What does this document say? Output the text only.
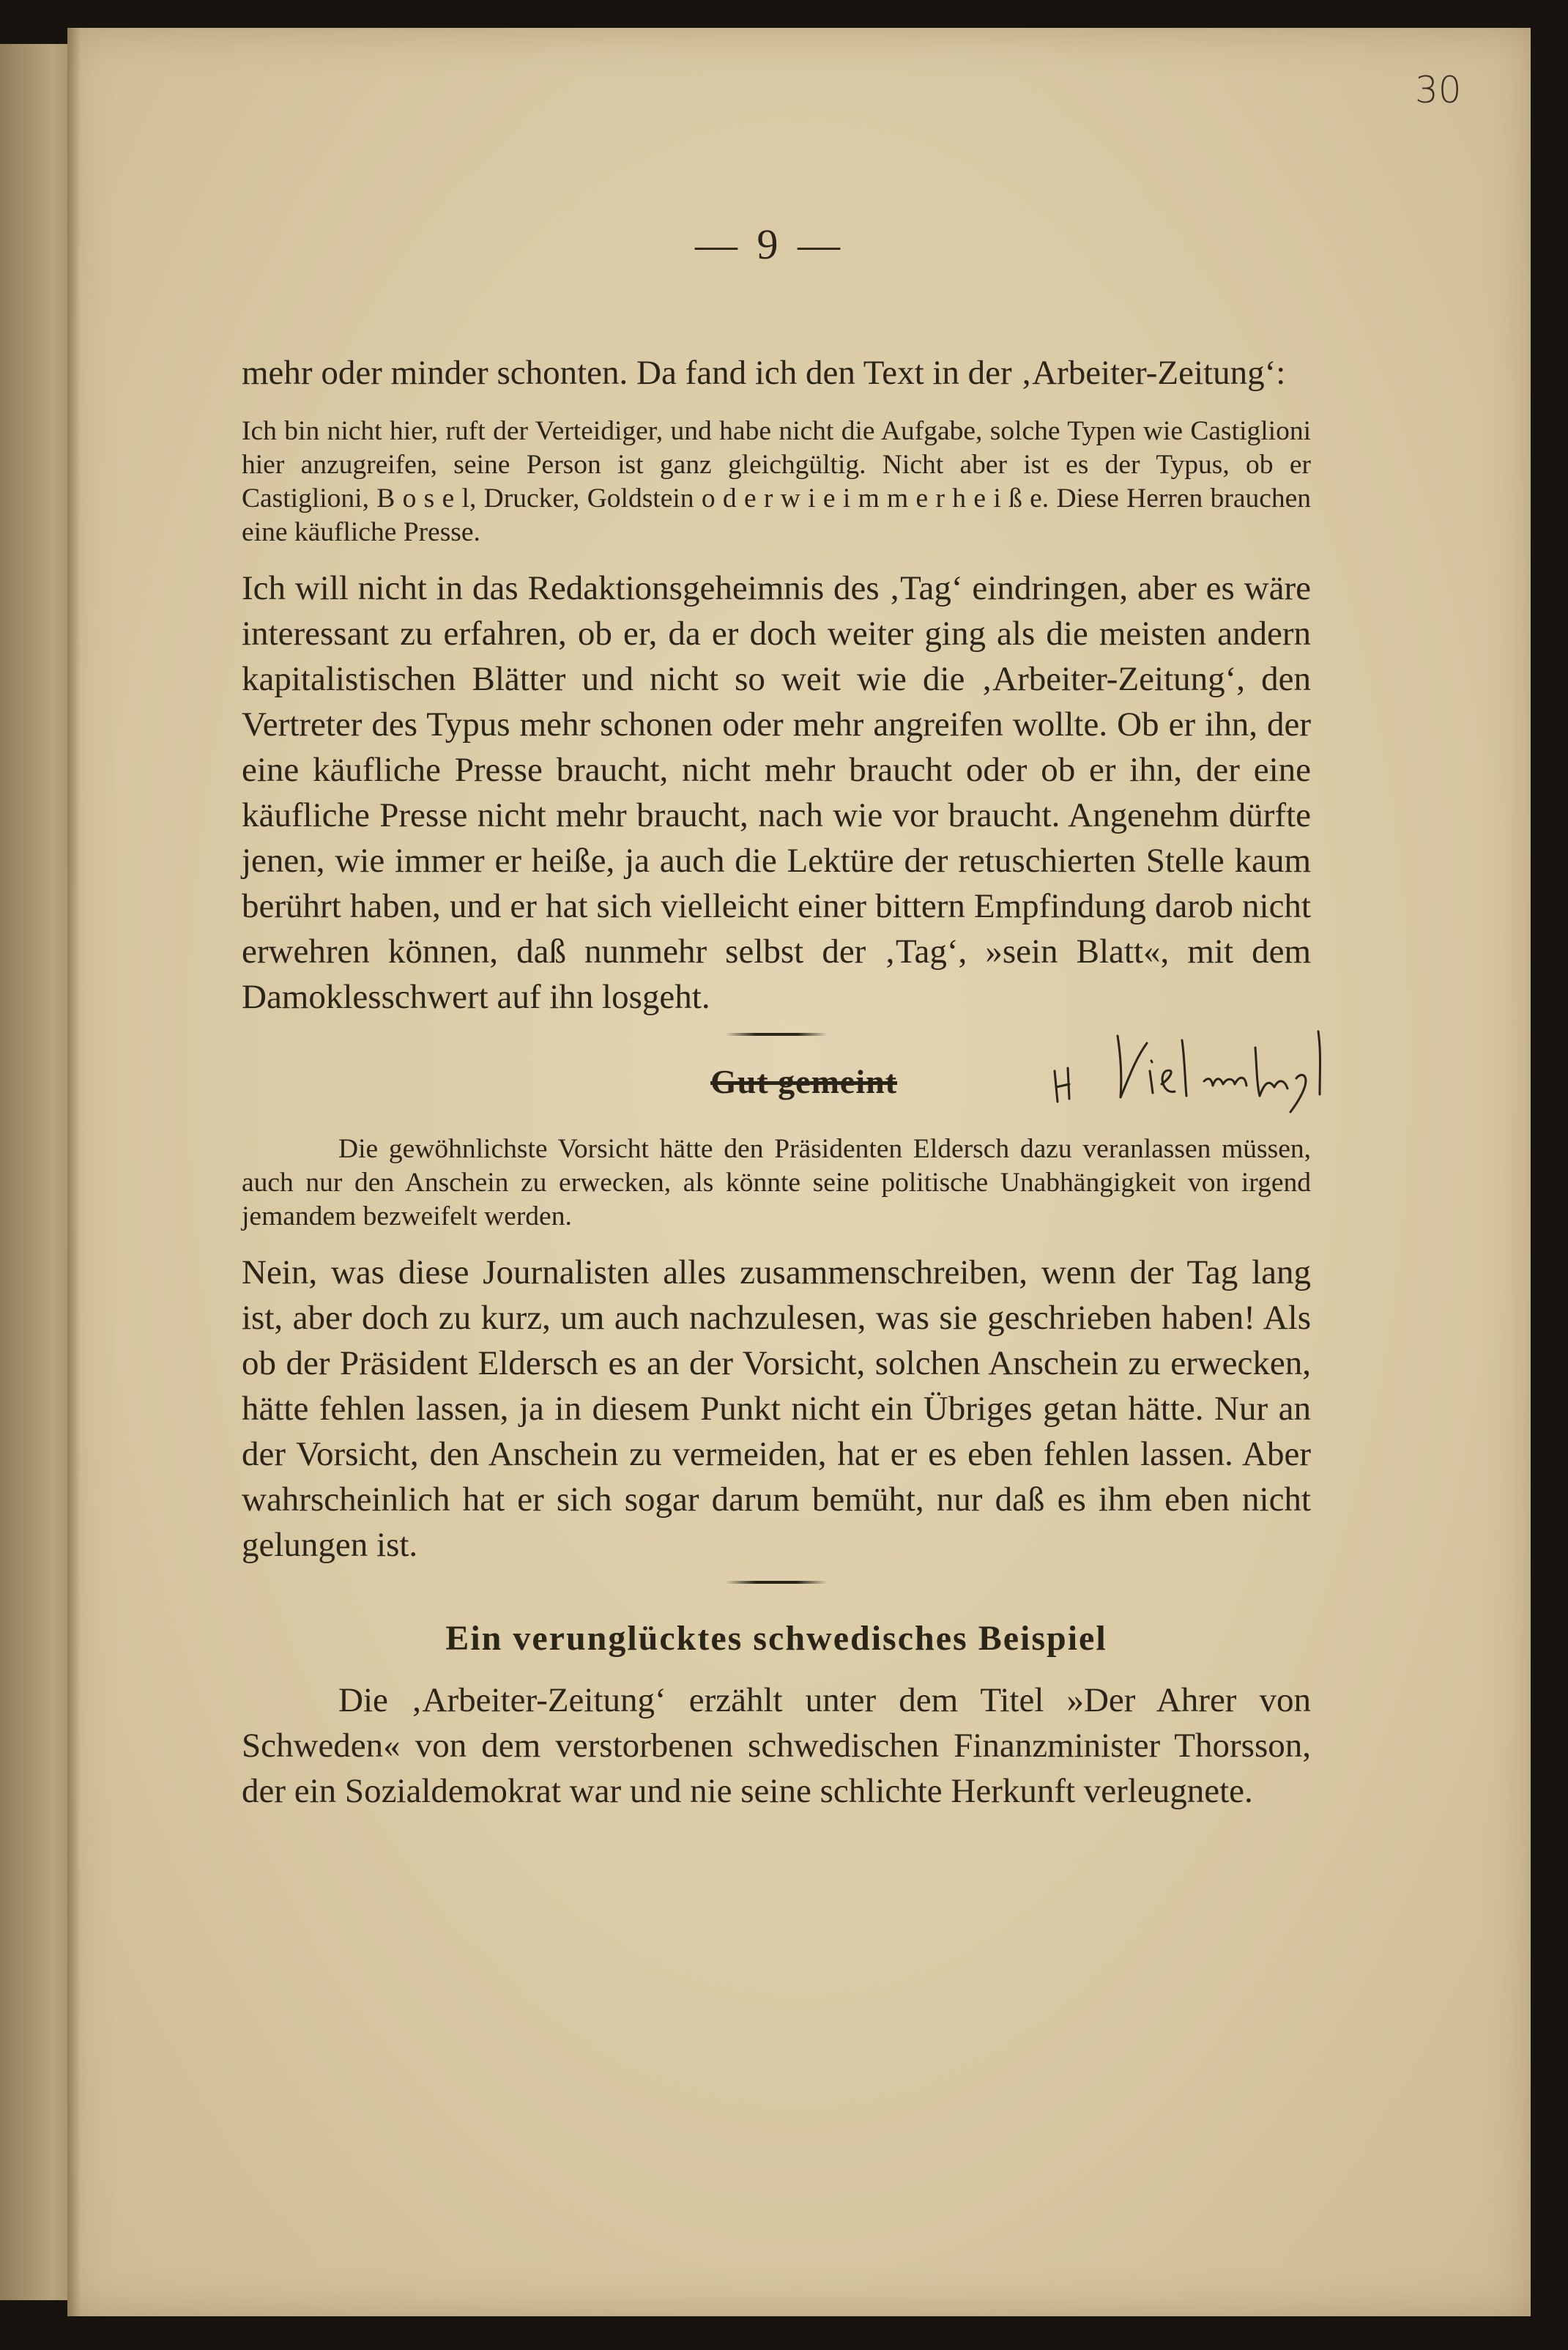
30
— 9 —

mehr oder minder schonten. Da fand ich den Text in der ‚Arbeiter-Zeitung‘:

Ich bin nicht hier, ruft der Verteidiger, und habe nicht die Aufgabe, solche Typen wie Castiglioni hier anzugreifen, seine Person ist ganz gleichgültig. Nicht aber ist es der Typus, ob er Castiglioni, B o s e l, Drucker, Goldstein o d e r w i e i m m e r h e i ß e. Diese Herren brauchen eine käufliche Presse.

Ich will nicht in das Redaktionsgeheimnis des ‚Tag‘ eindringen, aber es wäre interessant zu erfahren, ob er, da er doch weiter ging als die meisten andern kapitalistischen Blätter und nicht so weit wie die ‚Arbeiter-Zeitung‘, den Vertreter des Typus mehr schonen oder mehr angreifen wollte. Ob er ihn, der eine käufliche Presse braucht, nicht mehr braucht oder ob er ihn, der eine käufliche Presse nicht mehr braucht, nach wie vor braucht. Angenehm dürfte jenen, wie immer er heiße, ja auch die Lektüre der retuschierten Stelle kaum berührt haben, und er hat sich vielleicht einer bittern Empfindung darob nicht erwehren können, daß nunmehr selbst der ‚Tag‘, »sein Blatt«, mit dem Damoklesschwert auf ihn losgeht.

Gut gemeint

Die gewöhnlichste Vorsicht hätte den Präsidenten Eldersch dazu veranlassen müssen, auch nur den Anschein zu erwecken, als könnte seine politische Unabhängigkeit von irgend jemandem bezweifelt werden.

Nein, was diese Journalisten alles zusammenschreiben, wenn der Tag lang ist, aber doch zu kurz, um auch nachzulesen, was sie geschrieben haben! Als ob der Präsident Eldersch es an der Vorsicht, solchen Anschein zu erwecken, hätte fehlen lassen, ja in diesem Punkt nicht ein Übriges getan hätte. Nur an der Vorsicht, den Anschein zu vermeiden, hat er es eben fehlen lassen. Aber wahrscheinlich hat er sich sogar darum bemüht, nur daß es ihm eben nicht gelungen ist.

Ein verunglücktes schwedisches Beispiel

Die ‚Arbeiter-Zeitung‘ erzählt unter dem Titel »Der Ahrer von Schweden« von dem verstorbenen schwedischen Finanzminister Thorsson, der ein Sozialdemokrat war und nie seine schlichte Herkunft verleugnete.
